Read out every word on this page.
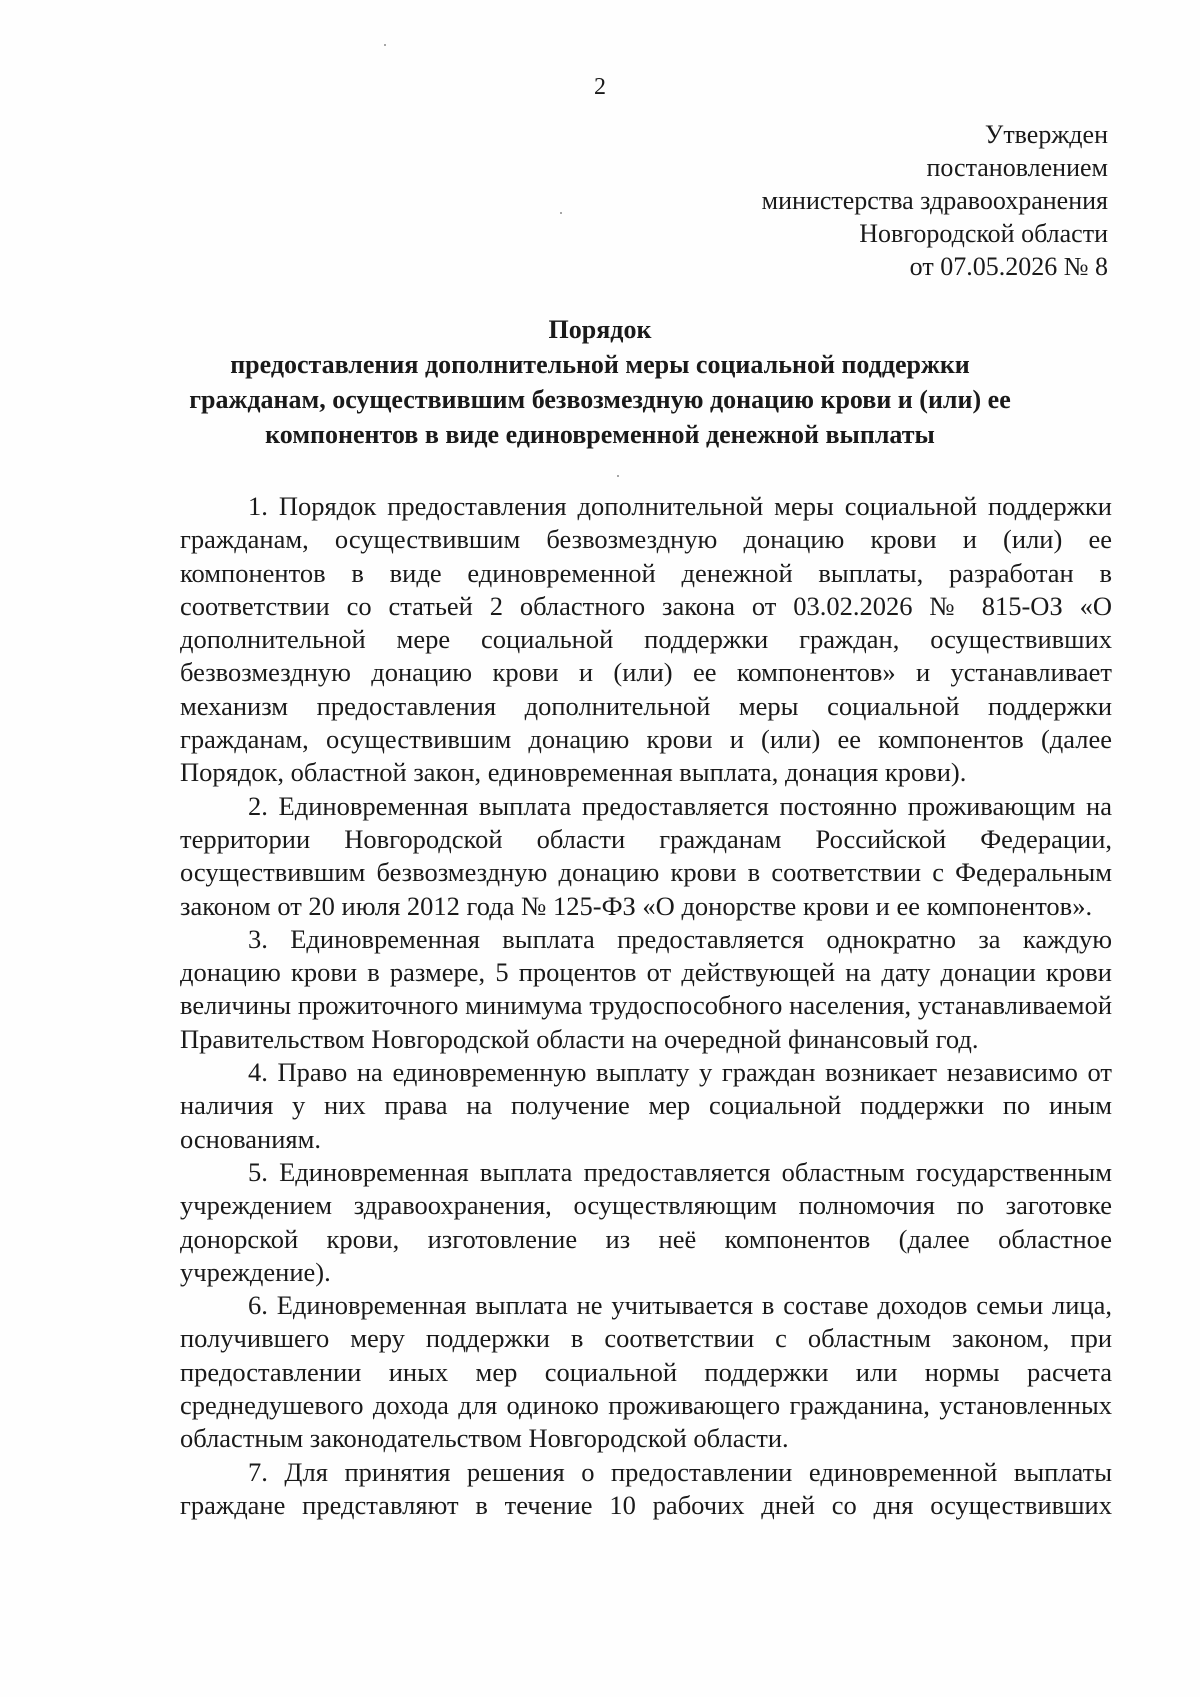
2
Утвержден
постановлением
министерства здравоохранения
Новгородской области
от 07.05.2026 № 8
Порядок
предоставления дополнительной меры социальной поддержки
гражданам, осуществившим безвозмездную донацию крови и (или) ее
компонентов в виде единовременной денежной выплаты

1. Порядок предоставления дополнительной меры социальной поддержки гражданам, осуществившим безвозмездную донацию крови и (или) ее компонентов в виде единовременной денежной выплаты, разработан в соответствии со статьей 2 областного закона от 03.02.2026 № 815-ОЗ «О дополнительной мере социальной поддержки граждан, осуществивших безвозмездную донацию крови и (или) ее компонентов» и устанавливает механизм предоставления дополнительной меры социальной поддержки гражданам, осуществившим донацию крови и (или) ее компонентов (далее Порядок, областной закон, единовременная выплата, донация крови).

2. Единовременная выплата предоставляется постоянно проживающим на территории Новгородской области гражданам Российской Федерации, осуществившим безвозмездную донацию крови в соответствии с Федеральным законом от 20 июля 2012 года № 125-ФЗ «О донорстве крови и ее компонентов».

3. Единовременная выплата предоставляется однократно за каждую донацию крови в размере, 5 процентов от действующей на дату донации крови величины прожиточного минимума трудоспособного населения, устанавливаемой Правительством Новгородской области на очередной финансовый год.

4. Право на единовременную выплату у граждан возникает независимо от наличия у них права на получение мер социальной поддержки по иным основаниям.

5. Единовременная выплата предоставляется областным государственным учреждением здравоохранения, осуществляющим полномочия по заготовке донорской крови, изготовление из неё компонентов (далее областное учреждение).

6. Единовременная выплата не учитывается в составе доходов семьи лица, получившего меру поддержки в соответствии с областным законом, при предоставлении иных мер социальной поддержки или нормы расчета среднедушевого дохода для одиноко проживающего гражданина, установленных областным законодательством Новгородской области.

7. Для принятия решения о предоставлении единовременной выплаты граждане представляют в течение 10 рабочих дней со дня осуществивших
